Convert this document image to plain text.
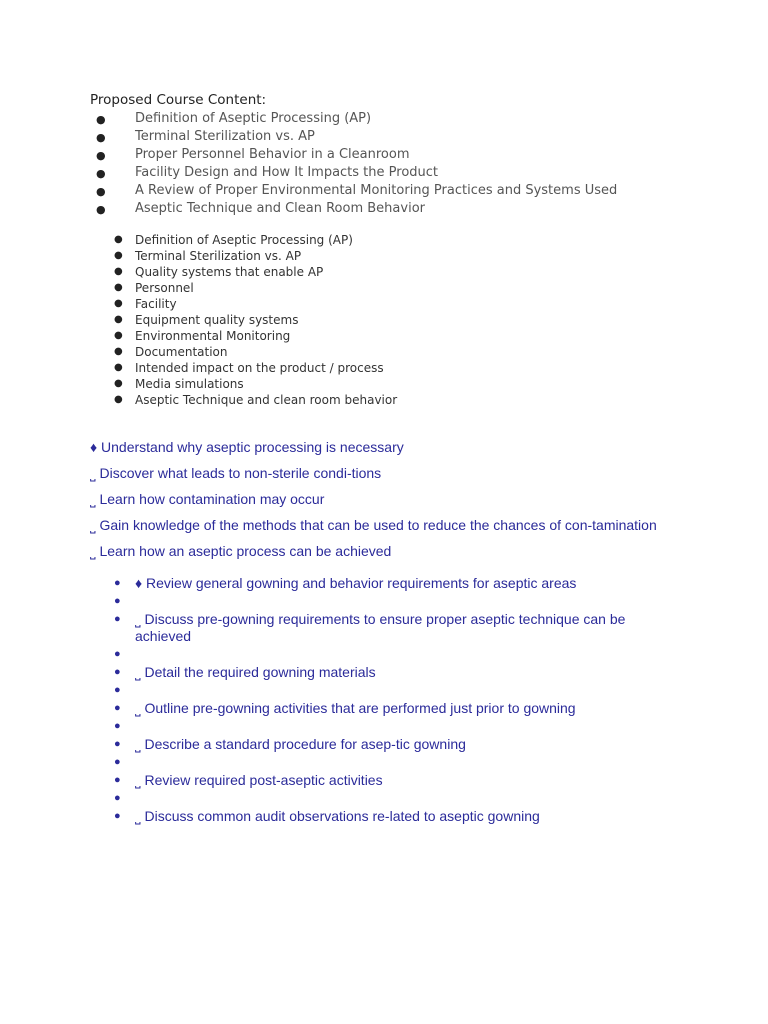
Proposed Course Content:
● Definition of Aseptic Processing (AP)
● Terminal Sterilization vs. AP
● Proper Personnel Behavior in a Cleanroom
● Facility Design and How It Impacts the Product
● A Review of Proper Environmental Monitoring Practices and Systems Used
● Aseptic Technique and Clean Room Behavior
● Definition of Aseptic Processing (AP)
● Terminal Sterilization vs. AP
● Quality systems that enable AP
● Personnel
● Facility
● Equipment quality systems
● Environmental Monitoring
● Documentation
● Intended impact on the product / process
● Media simulations
● Aseptic Technique and clean room behavior
♦ Understand why aseptic processing is necessary
⎵ Discover what leads to non-sterile condi-tions
⎵ Learn how contamination may occur
⎵ Gain knowledge of the methods that can be used to reduce the chances of con-tamination
⎵ Learn how an aseptic process can be achieved
● ♦ Review general gowning and behavior requirements for aseptic areas
●
● ⎵ Discuss pre-gowning requirements to ensure proper aseptic technique can be achieved
●
● ⎵ Detail the required gowning materials
●
● ⎵ Outline pre-gowning activities that are performed just prior to gowning
●
● ⎵ Describe a standard procedure for asep-tic gowning
●
● ⎵ Review required post-aseptic activities
●
● ⎵ Discuss common audit observations re-lated to aseptic gowning
